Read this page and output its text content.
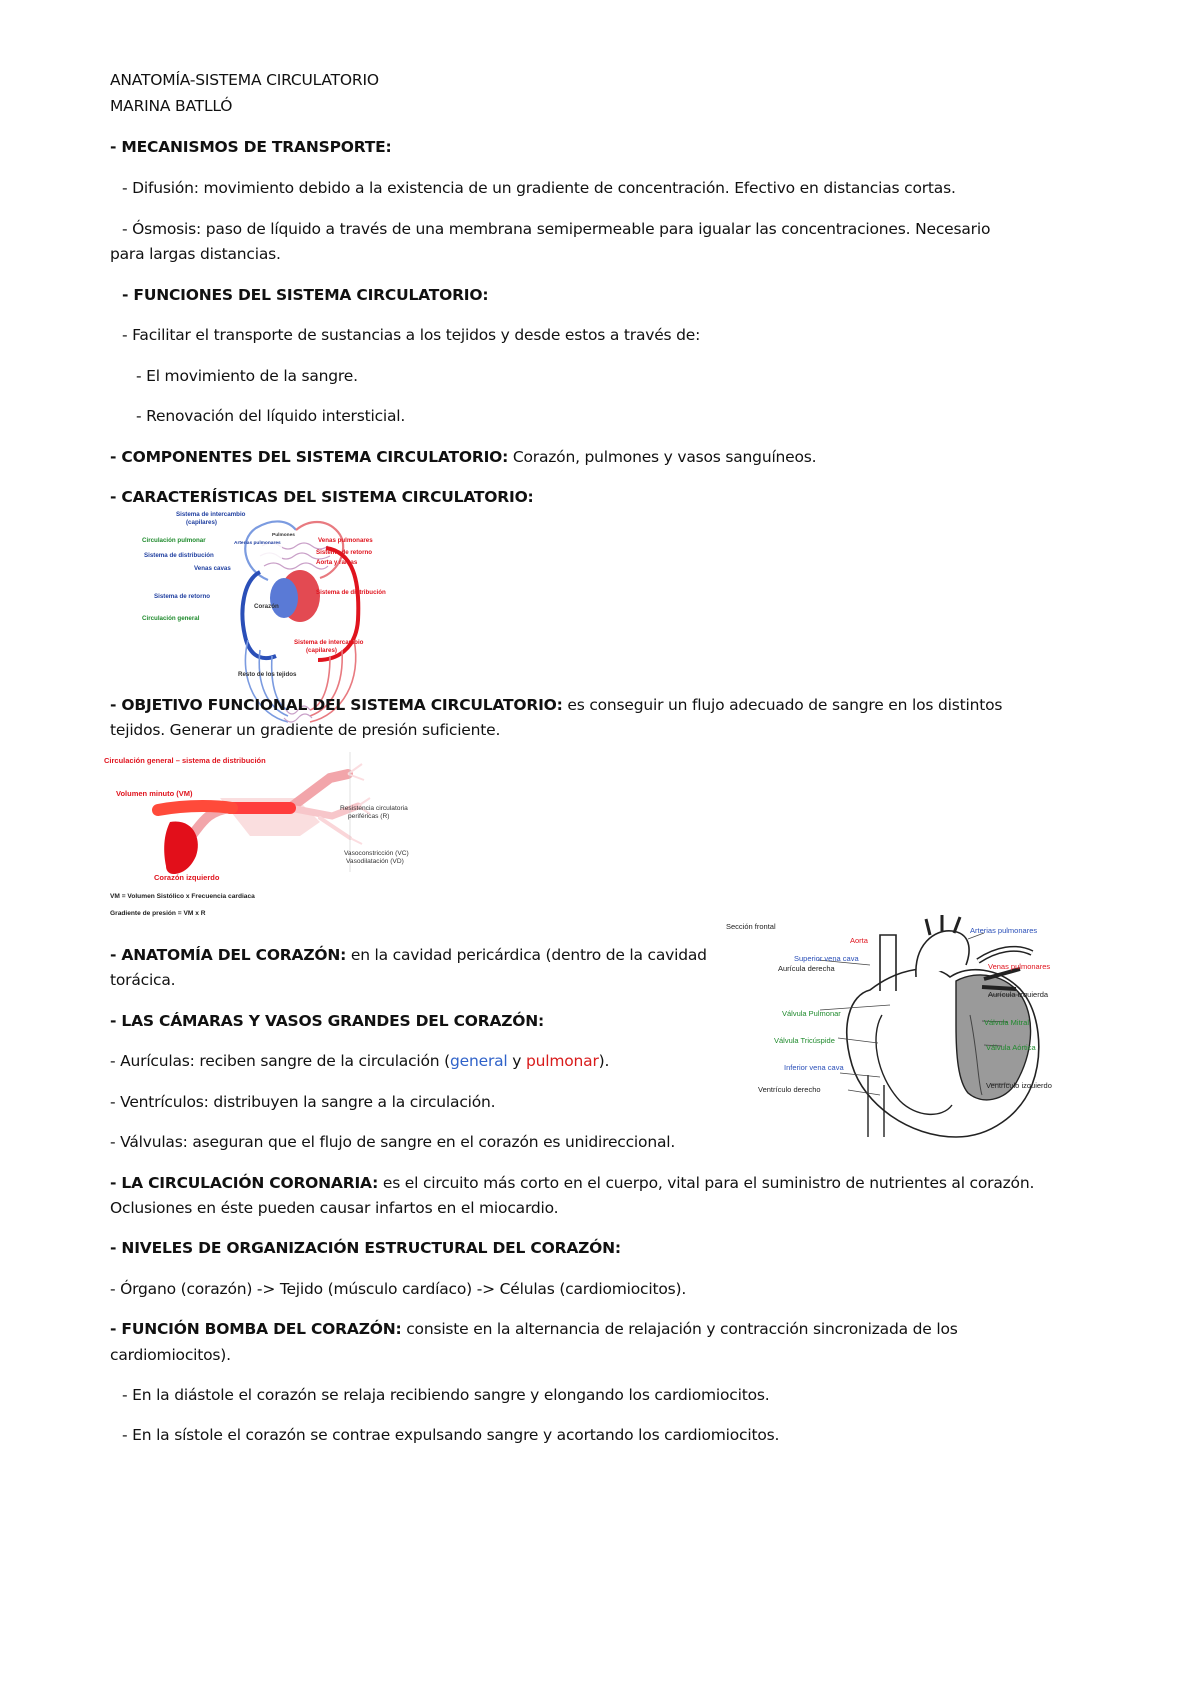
ANATOMÍA-SISTEMA CIRCULATORIO
MARINA BATLLÓ
- MECANISMOS DE TRANSPORTE:
- Difusión: movimiento debido a la existencia de un gradiente de concentración. Efectivo en distancias cortas.
- Ósmosis: paso de líquido a través de una membrana semipermeable para igualar las concentraciones. Necesario
para largas distancias.
- FUNCIONES DEL SISTEMA CIRCULATORIO:
- Facilitar el transporte de sustancias a los tejidos y desde estos a través de:
- El movimiento de la sangre.
- Renovación del líquido intersticial.
- COMPONENTES DEL SISTEMA CIRCULATORIO: Corazón, pulmones y vasos sanguíneos.
- CARACTERÍSTICAS DEL SISTEMA CIRCULATORIO:
Sistema de intercambio
(capilares)
Circulación pulmonar
Sistema de distribución
Venas cavas
Arterias pulmonares
Pulmones
Venas pulmonares
Sistema de retorno
Aorta y ramas
Sistema de distribución
Sistema de retorno
Corazón
Circulación general
Sistema de intercambio
(capilares)
Resto de los tejidos
- OBJETIVO FUNCIONAL DEL SISTEMA CIRCULATORIO: es conseguir un flujo adecuado de sangre en los distintos
tejidos. Generar un gradiente de presión suficiente.
Circulación general – sistema de distribución
Volumen minuto (VM)
Corazón izquierdo
Resistencia circulatoria
periféricas (R)
Vasoconstricción (VC)
Vasodilatación (VD)
VM = Volumen Sistólico x Frecuencia cardiaca
Gradiente de presión = VM x R
Sección frontal
Aurícula derecha
Aurícula izquierda
Ventrículo derecho	Ventrículo izquierdo
Aorta
Arterias pulmonares
Superior vena cava
Venas pulmonares
Válvula Pulmonar
Válvula Mitral
Válvula Tricúspide
Válvula Aórtica
Inferior vena cava
- ANATOMÍA DEL CORAZÓN: en la cavidad pericárdica (dentro de la cavidad
torácica.
- LAS CÁMARAS Y VASOS GRANDES DEL CORAZÓN:
- Aurículas: reciben sangre de la circulación (general y pulmonar).
- Ventrículos: distribuyen la sangre a la circulación.
- Válvulas: aseguran que el flujo de sangre en el corazón es unidireccional.
- LA CIRCULACIÓN CORONARIA: es el circuito más corto en el cuerpo, vital para el suministro de nutrientes al corazón.
Oclusiones en éste pueden causar infartos en el miocardio.
- NIVELES DE ORGANIZACIÓN ESTRUCTURAL DEL CORAZÓN:
- Órgano (corazón) -> Tejido (músculo cardíaco) -> Células (cardiomiocitos).
- FUNCIÓN BOMBA DEL CORAZÓN: consiste en la alternancia de relajación y contracción sincronizada de los
cardiomiocitos).
- En la diástole el corazón se relaja recibiendo sangre y elongando los cardiomiocitos.
- En la sístole el corazón se contrae expulsando sangre y acortando los cardiomiocitos.
